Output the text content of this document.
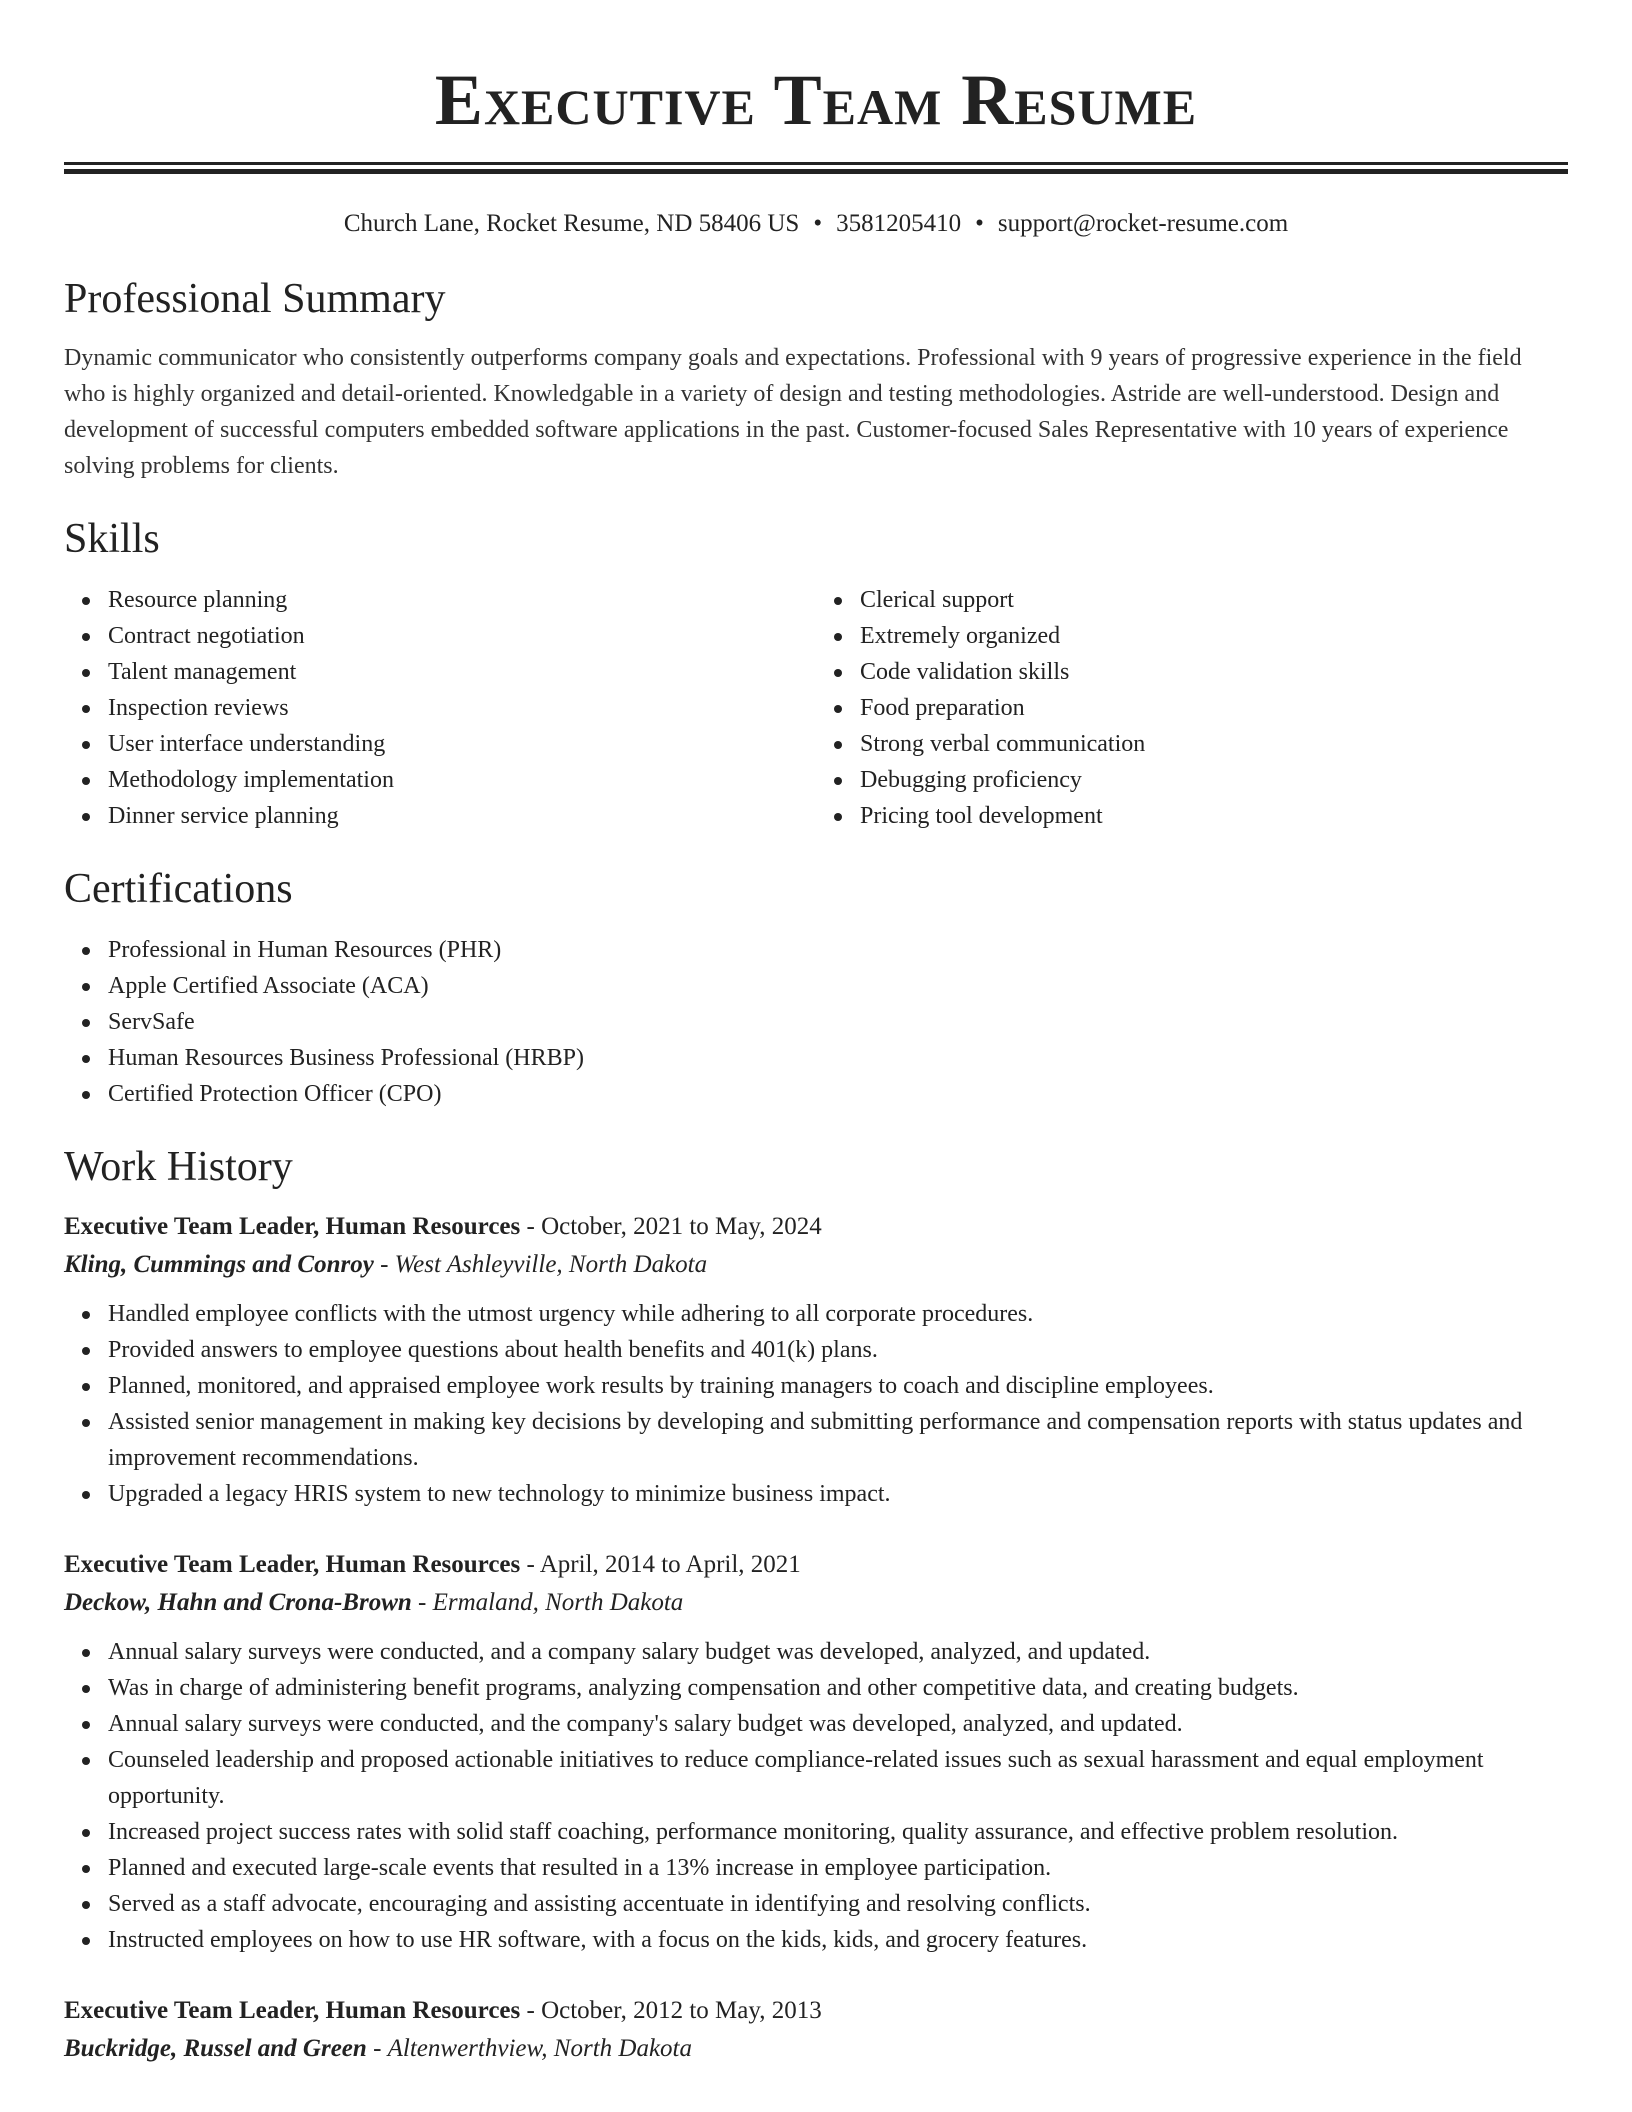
Executive Team Resume
Church Lane, Rocket Resume, ND 58406 US • 3581205410 • support@rocket-resume.com
Professional Summary

Dynamic communicator who consistently outperforms company goals and expectations. Professional with 9 years of progressive experience in the field who is highly organized and detail-oriented. Knowledgable in a variety of design and testing methodologies. Astride are well-understood. Design and development of successful computers embedded software applications in the past. Customer-focused Sales Representative with 10 years of experience solving problems for clients.

Skills
Resource planning
Contract negotiation
Talent management
Inspection reviews
User interface understanding
Methodology implementation
Dinner service planning
Clerical support
Extremely organized
Code validation skills
Food preparation
Strong verbal communication
Debugging proficiency
Pricing tool development
Certifications
Professional in Human Resources (PHR)
Apple Certified Associate (ACA)
ServSafe
Human Resources Business Professional (HRBP)
Certified Protection Officer (CPO)
Work History
Executive Team Leader, Human Resources - October, 2021 to May, 2024
Kling, Cummings and Conroy - West Ashleyville, North Dakota
Handled employee conflicts with the utmost urgency while adhering to all corporate procedures.
Provided answers to employee questions about health benefits and 401(k) plans.
Planned, monitored, and appraised employee work results by training managers to coach and discipline employees.
Assisted senior management in making key decisions by developing and submitting performance and compensation reports with status updates and improvement recommendations.
Upgraded a legacy HRIS system to new technology to minimize business impact.
Executive Team Leader, Human Resources - April, 2014 to April, 2021
Deckow, Hahn and Crona-Brown - Ermaland, North Dakota
Annual salary surveys were conducted, and a company salary budget was developed, analyzed, and updated.
Was in charge of administering benefit programs, analyzing compensation and other competitive data, and creating budgets.
Annual salary surveys were conducted, and the company's salary budget was developed, analyzed, and updated.
Counseled leadership and proposed actionable initiatives to reduce compliance-related issues such as sexual harassment and equal employment opportunity.
Increased project success rates with solid staff coaching, performance monitoring, quality assurance, and effective problem resolution.
Planned and executed large-scale events that resulted in a 13% increase in employee participation.
Served as a staff advocate, encouraging and assisting accentuate in identifying and resolving conflicts.
Instructed employees on how to use HR software, with a focus on the kids, kids, and grocery features.
Executive Team Leader, Human Resources - October, 2012 to May, 2013
Buckridge, Russel and Green - Altenwerthview, North Dakota
